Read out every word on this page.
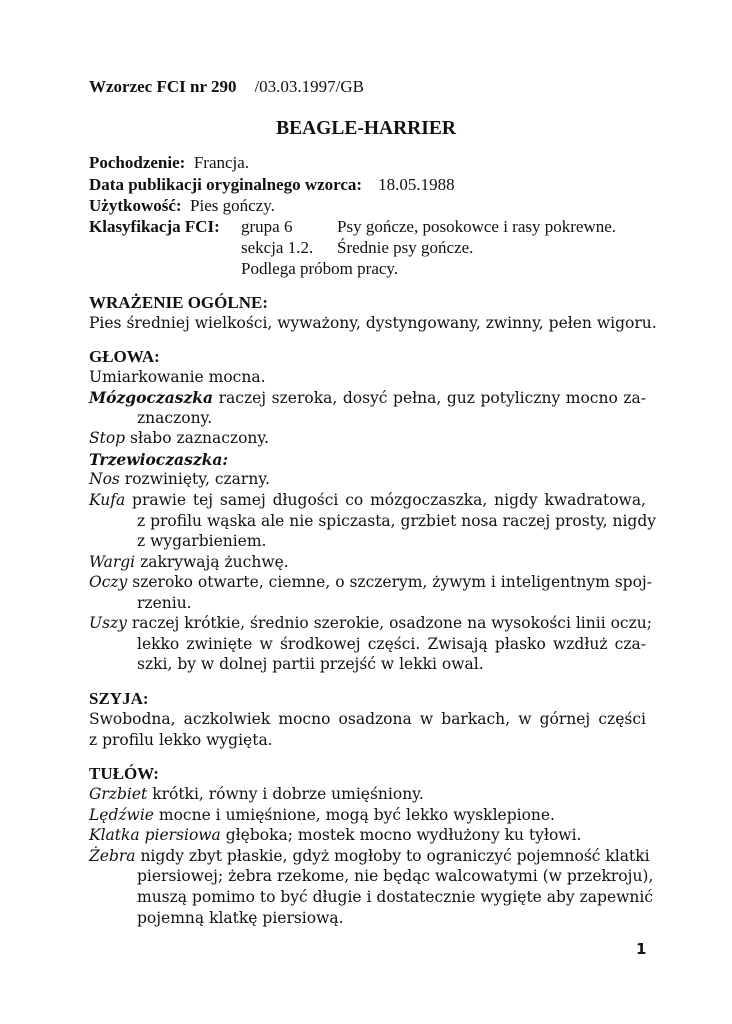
Wzorzec FCI nr 290 /03.03.1997/GB
BEAGLE-HARRIER
Pochodzenie: Francja.
Data publikacji oryginalnego wzorca: 18.05.1988
Użytkowość: Pies gończy.
Klasyfikacja FCI: grupa 6	Psy gończe, posokowce i rasy pokrewne.
sekcja 1.2. Średnie psy gończe.
Podlega próbom pracy.
WRAŻENIE OGÓLNE:
Pies średniej wielkości, wyważony, dystyngowany, zwinny, pełen wigoru.
GŁOWA:
Umiarkowanie mocna.
Mózgoczaszka raczej szeroka, dosyć pełna, guz potyliczny mocno za-
znaczony.
Stop słabo zaznaczony.
Trzewioczaszka:
Nos rozwinięty, czarny.
Kufa prawie tej samej długości co mózgoczaszka, nigdy kwadratowa,
z profilu wąska ale nie spiczasta, grzbiet nosa raczej prosty, nigdy
z wygarbieniem.
Wargi zakrywają żuchwę.
Oczy szeroko otwarte, ciemne, o szczerym, żywym i inteligentnym spoj-
rzeniu.
Uszy raczej krótkie, średnio szerokie, osadzone na wysokości linii oczu;
lekko zwinięte w środkowej części. Zwisają płasko wzdłuż cza-
szki, by w dolnej partii przejść w lekki owal.
SZYJA:
Swobodna, aczkolwiek mocno osadzona w barkach, w górnej części
z profilu lekko wygięta.
TUŁÓW:
Grzbiet krótki, równy i dobrze umięśniony.
Lędźwie mocne i umięśnione, mogą być lekko wysklepione.
Klatka piersiowa głęboka; mostek mocno wydłużony ku tyłowi.
Żebra nigdy zbyt płaskie, gdyż mogłoby to ograniczyć pojemność klatki
piersiowej; żebra rzekome, nie będąc walcowatymi (w przekroju),
muszą pomimo to być długie i dostatecznie wygięte aby zapewnić
pojemną klatkę piersiową.
1
